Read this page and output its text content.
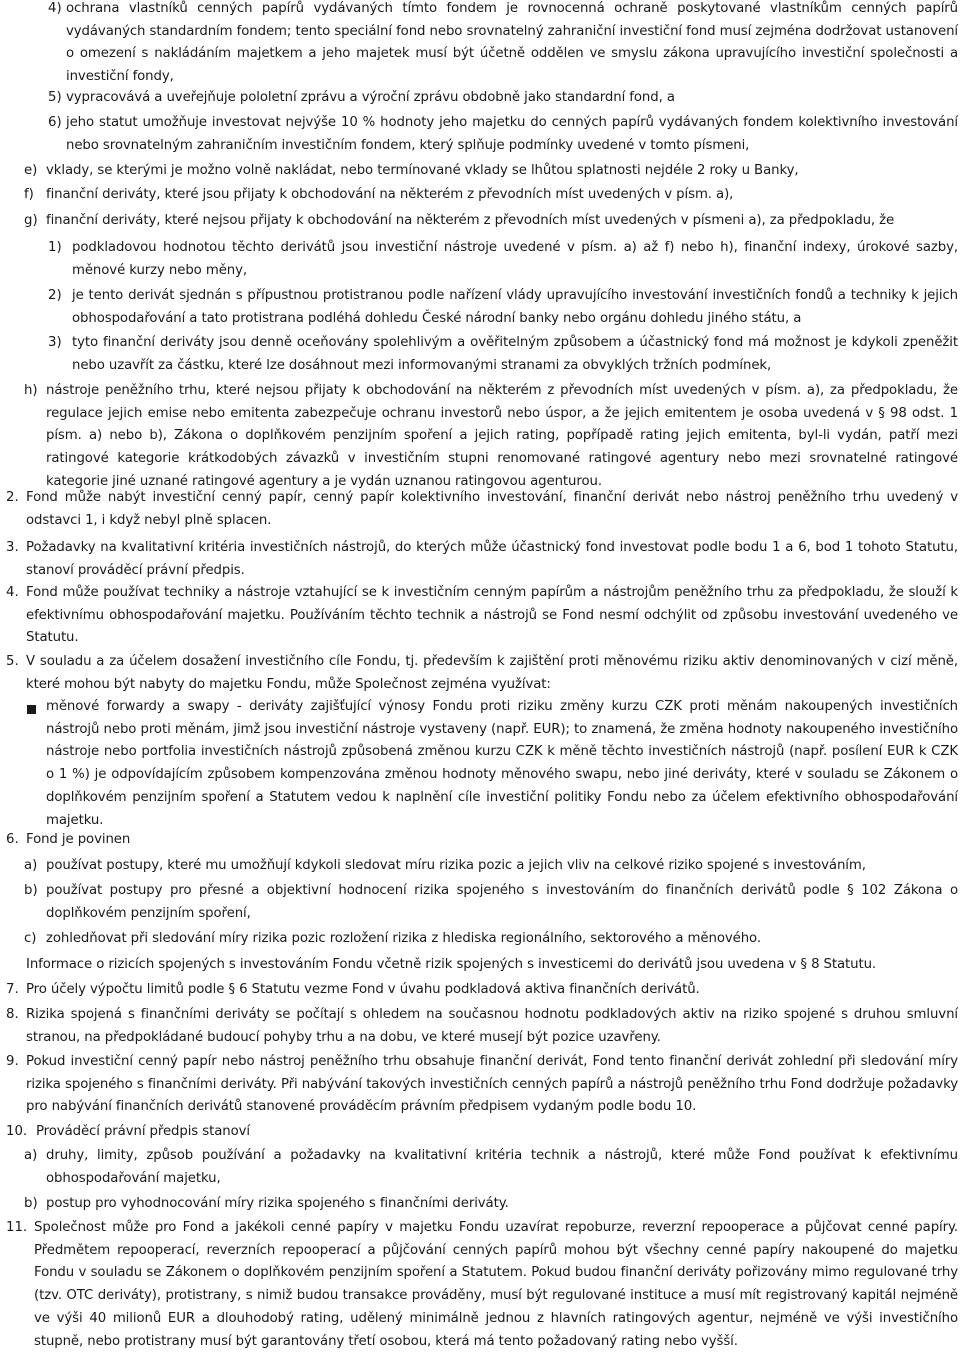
4) ochrana vlastníků cenných papírů vydávaných tímto fondem je rovnocenná ochraně poskytované vlastníkům cenných papírů vydávaných standardním fondem; tento speciální fond nebo srovnatelný zahraniční investiční fond musí zejména dodržovat ustanovení o omezení s nakládáním majetkem a jeho majetek musí být účetně oddělen ve smyslu zákona upravujícího investiční společnosti a investiční fondy,
5) vypracovává a uveřejňuje pololetní zprávu a výroční zprávu obdobně jako standardní fond, a
6) jeho statut umožňuje investovat nejvýše 10 % hodnoty jeho majetku do cenných papírů vydávaných fondem kolektivního investování nebo srovnatelným zahraničním investičním fondem, který splňuje podmínky uvedené v tomto písmeni,
e) vklady, se kterými je možno volně nakládat, nebo termínované vklady se lhůtou splatnosti nejdéle 2 roky u Banky,
f) finanční deriváty, které jsou přijaty k obchodování na některém z převodních míst uvedených v písm. a),
g) finanční deriváty, které nejsou přijaty k obchodování na některém z převodních míst uvedených v písmeni a), za předpokladu, že
1) podkladovou hodnotou těchto derivátů jsou investiční nástroje uvedené v písm. a) až f) nebo h), finanční indexy, úrokové sazby, měnové kurzy nebo měny,
2) je tento derivát sjednán s přípustnou protistranou podle nařízení vlády upravujícího investování investičních fondů a techniky k jejich obhospodařování a tato protistrana podléhá dohledu České národní banky nebo orgánu dohledu jiného státu, a
3) tyto finanční deriváty jsou denně oceňovány spolehlivým a ověřitelným způsobem a účastnický fond má možnost je kdykoli zpeněžit nebo uzavřít za částku, které lze dosáhnout mezi informovanými stranami za obvyklých tržních podmínek,
h) nástroje peněžního trhu, které nejsou přijaty k obchodování na některém z převodních míst uvedených v písm. a), za předpokladu, že regulace jejich emise nebo emitenta zabezpečuje ochranu investorů nebo úspor, a že jejich emitentem je osoba uvedená v § 98 odst. 1 písm. a) nebo b), Zákona o doplňkovém penzijním spoření a jejich rating, popřípadě rating jejich emitenta, byl-li vydán, patří mezi ratingové kategorie krátkodobých závazků v investičním stupni renomované ratingové agentury nebo mezi srovnatelné ratingové kategorie jiné uznané ratingové agentury a je vydán uznanou ratingovou agenturou.
2. Fond může nabýt investiční cenný papír, cenný papír kolektivního investování, finanční derivát nebo nástroj peněžního trhu uvedený v odstavci 1, i když nebyl plně splacen.
3. Požadavky na kvalitativní kritéria investičních nástrojů, do kterých může účastnický fond investovat podle bodu 1 a 6, bod 1 tohoto Statutu, stanoví prováděcí právní předpis.
4. Fond může používat techniky a nástroje vztahující se k investičním cenným papírům a nástrojům peněžního trhu za předpokladu, že slouží k efektivnímu obhospodařování majetku. Používáním těchto technik a nástrojů se Fond nesmí odchýlit od způsobu investování uvedeného ve Statutu.
5. V souladu a za účelem dosažení investičního cíle Fondu, tj. především k zajištění proti měnovému riziku aktiv denominovaných v cizí měně, které mohou být nabyty do majetku Fondu, může Společnost zejména využívat:
měnové forwardy a swapy - deriváty zajišťující výnosy Fondu proti riziku změny kurzu CZK proti měnám nakoupených investičních nástrojů nebo proti měnám, jimž jsou investiční nástroje vystaveny (např. EUR); to znamená, že změna hodnoty nakoupeného investičního nástroje nebo portfolia investičních nástrojů způsobená změnou kurzu CZK k měně těchto investičních nástrojů (např. posílení EUR k CZK o 1 %) je odpovídajícím způsobem kompenzována změnou hodnoty měnového swapu, nebo jiné deriváty, které v souladu se Zákonem o doplňkovém penzijním spoření a Statutem vedou k naplnění cíle investiční politiky Fondu nebo za účelem efektivního obhospodařování majetku.
6. Fond je povinen
a) používat postupy, které mu umožňují kdykoli sledovat míru rizika pozic a jejich vliv na celkové riziko spojené s investováním,
b) používat postupy pro přesné a objektivní hodnocení rizika spojeného s investováním do finančních derivátů podle § 102 Zákona o doplňkovém penzijním spoření,
c) zohledňovat při sledování míry rizika pozic rozložení rizika z hlediska regionálního, sektorového a měnového.
Informace o rizicích spojených s investováním Fondu včetně rizik spojených s investicemi do derivátů jsou uvedena v § 8 Statutu.
7. Pro účely výpočtu limitů podle § 6 Statutu vezme Fond v úvahu podkladová aktiva finančních derivátů.
8. Rizika spojená s finančními deriváty se počítají s ohledem na současnou hodnotu podkladových aktiv na riziko spojené s druhou smluvní stranou, na předpokládané budoucí pohyby trhu a na dobu, ve které musejí být pozice uzavřeny.
9. Pokud investiční cenný papír nebo nástroj peněžního trhu obsahuje finanční derivát, Fond tento finanční derivát zohlední při sledování míry rizika spojeného s finančními deriváty. Při nabývání takových investičních cenných papírů a nástrojů peněžního trhu Fond dodržuje požadavky pro nabývání finančních derivátů stanovené prováděcím právním předpisem vydaným podle bodu 10.
10. Prováděcí právní předpis stanoví
a) druhy, limity, způsob používání a požadavky na kvalitativní kritéria technik a nástrojů, které může Fond používat k efektivnímu obhospodařování majetku,
b) postup pro vyhodnocování míry rizika spojeného s finančními deriváty.
11. Společnost může pro Fond a jakékoli cenné papíry v majetku Fondu uzavírat repoburze, reverzní repooperace a půjčovat cenné papíry. Předmětem repooperací, reverzních repooperací a půjčování cenných papírů mohou být všechny cenné papíry nakoupené do majetku Fondu v souladu se Zákonem o doplňkovém penzijním spoření a Statutem. Pokud budou finanční deriváty pořizovány mimo regulované trhy (tzv. OTC deriváty), protistrany, s nimiž budou transakce prováděny, musí být regulované instituce a musí mít registrovaný kapitál nejméně ve výši 40 milionů EUR a dlouhodobý rating, udělený minimálně jednou z hlavních ratingových agentur, nejméně ve výši investičního stupně, nebo protistrany musí být garantovány třetí osobou, která má tento požadovaný rating nebo vyšší.
